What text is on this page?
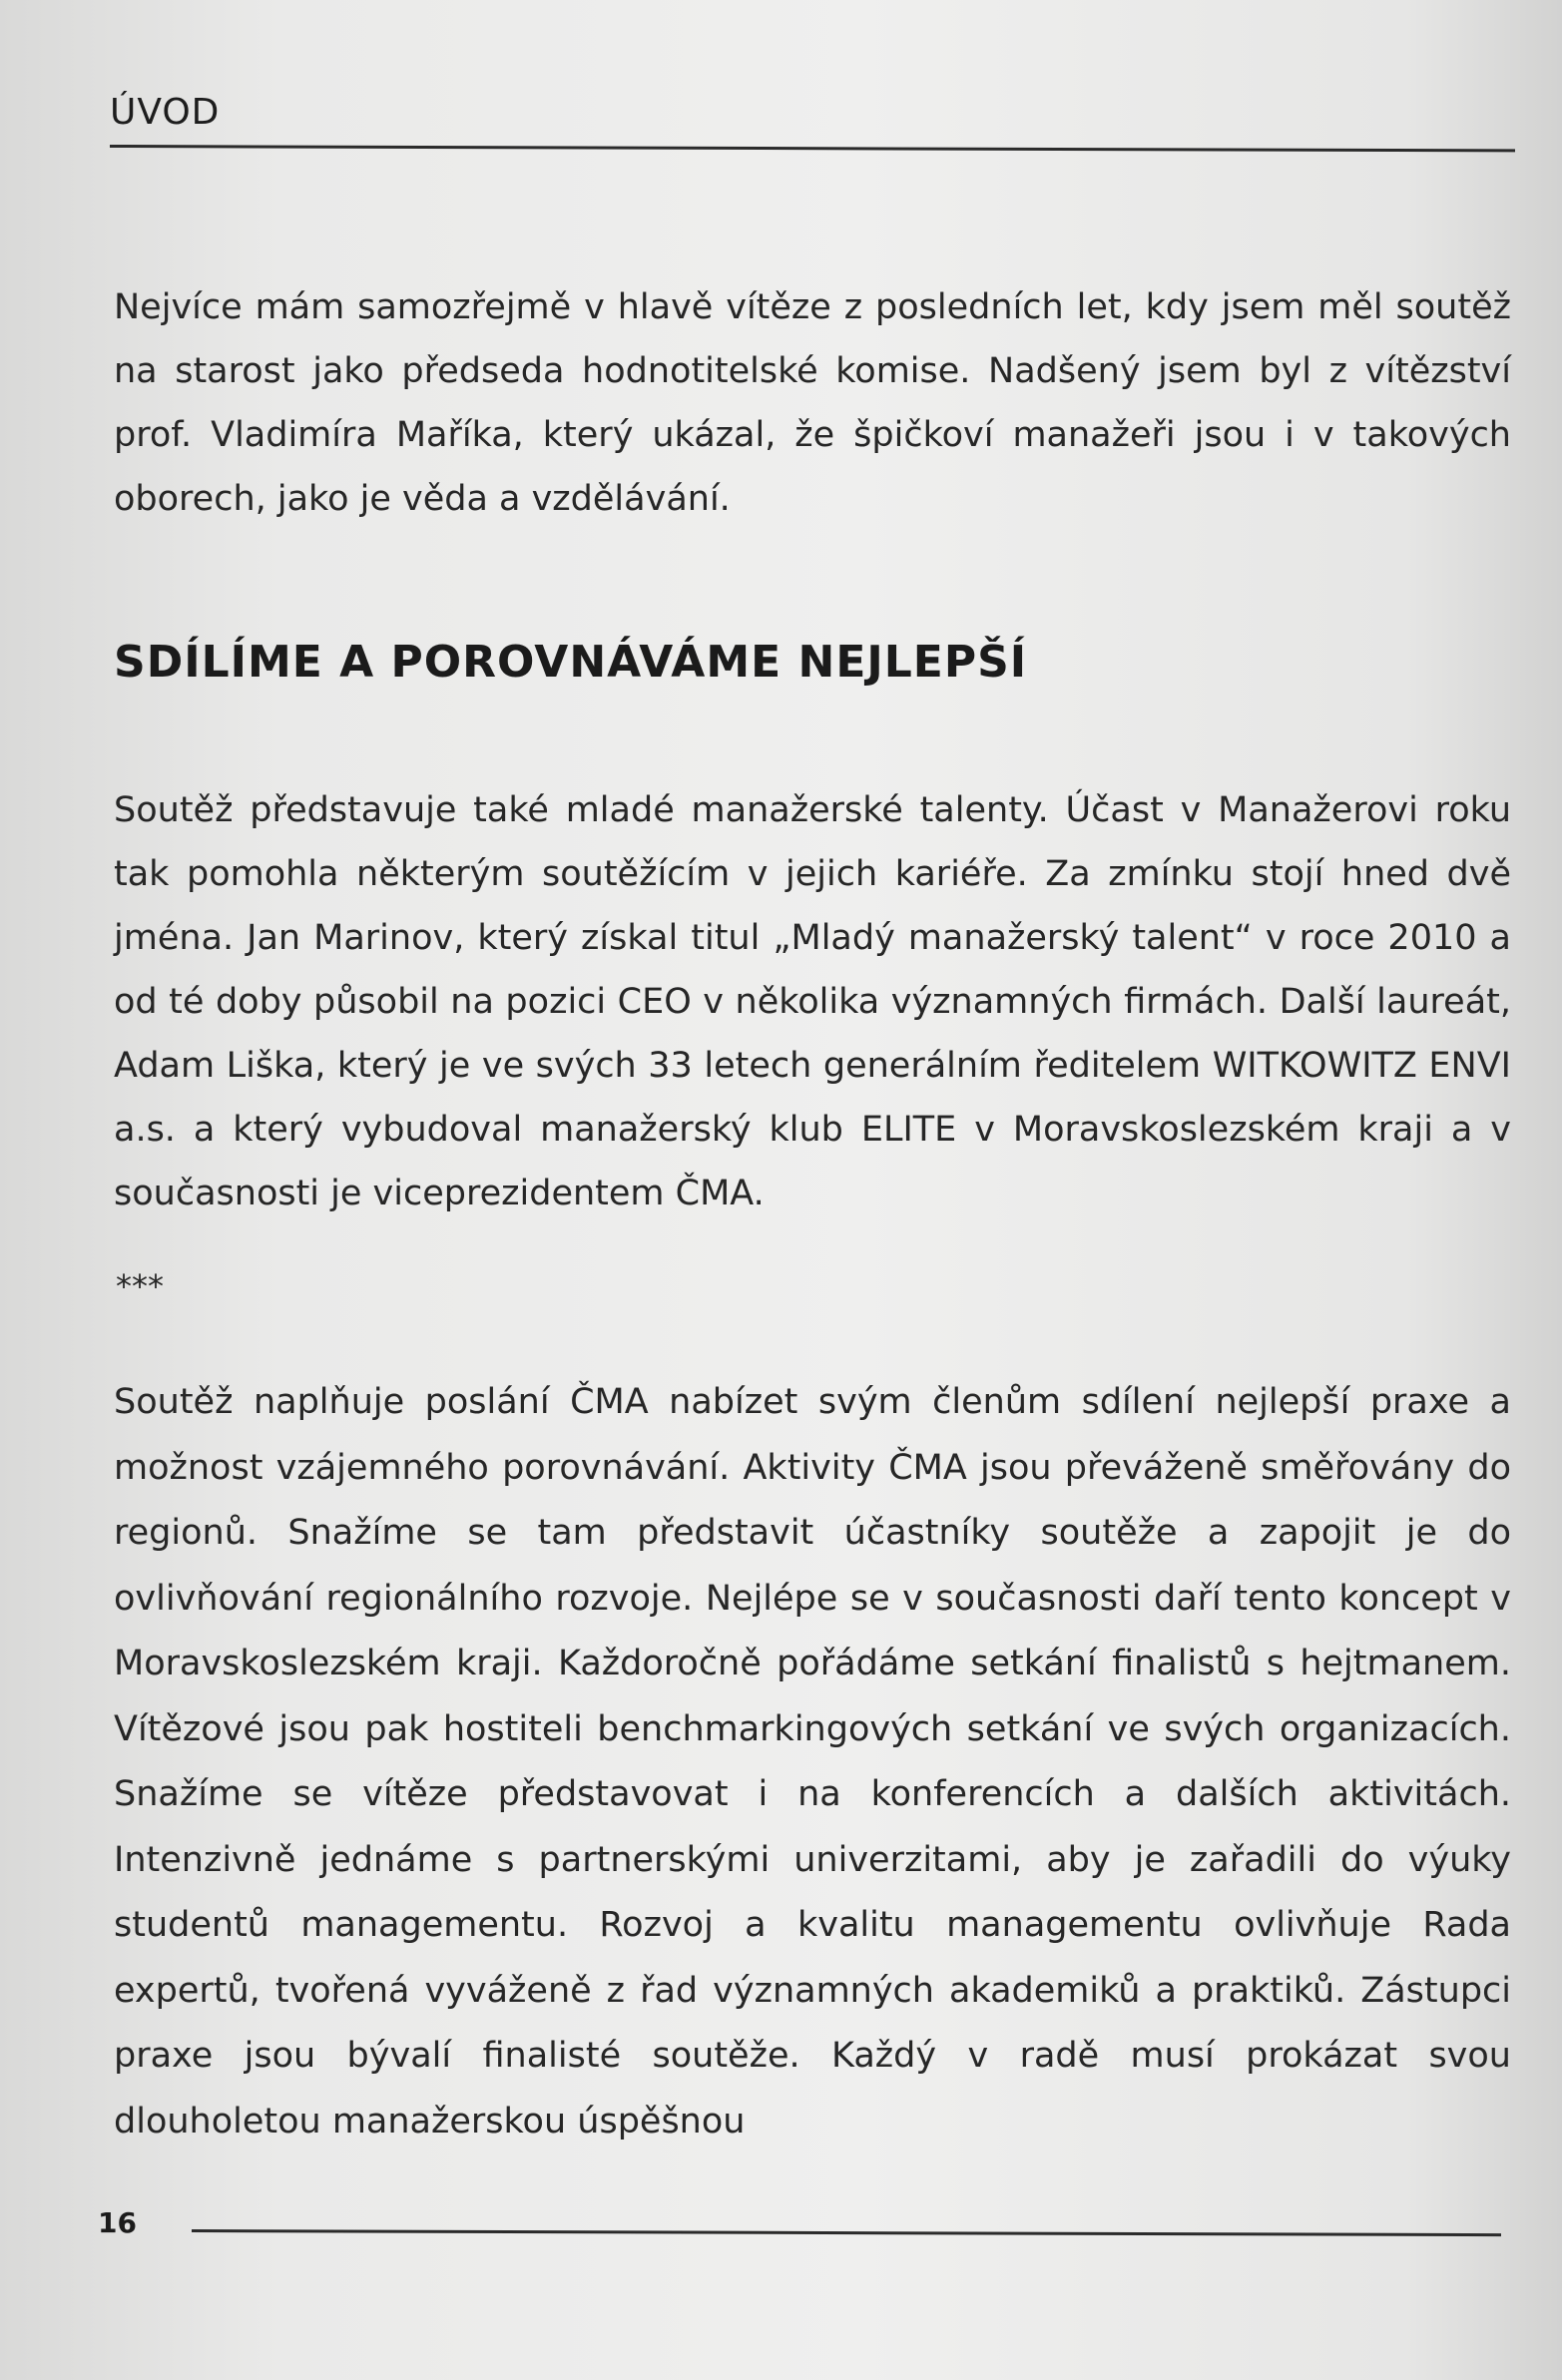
ÚVOD
Nejvíce mám samozřejmě v hlavě vítěze z posledních let, kdy jsem měl soutěž na starost jako předseda hodnotitelské komise. Nadšený jsem byl z vítězství prof. Vladimíra Maříka, který ukázal, že špičkoví manažeři jsou i v takových oborech, jako je věda a vzdělávání.
SDÍLÍME A POROVNÁVÁME NEJLEPŠÍ
Soutěž představuje také mladé manažerské talenty. Účast v Manažerovi roku tak pomohla některým soutěžícím v jejich kariéře. Za zmínku stojí hned dvě jména. Jan Marinov, který získal titul „Mladý manažerský talent“ v roce 2010 a od té doby působil na pozici CEO v několika významných firmách. Další laureát, Adam Liška, který je ve svých 33 letech generálním ředitelem WITKOWITZ ENVI a.s. a který vybudoval manažerský klub ELITE v Moravskoslezském kraji a v současnosti je viceprezidentem ČMA.
***
Soutěž naplňuje poslání ČMA nabízet svým členům sdílení nejlepší praxe a možnost vzájemného porovnávání. Aktivity ČMA jsou převáženě směřovány do regionů. Snažíme se tam představit účastníky soutěže a zapojit je do ovlivňování regionálního rozvoje. Nejlépe se v současnosti daří tento koncept v Moravskoslezském kraji. Každoročně pořádáme setkání finalistů s hejtmanem. Vítězové jsou pak hostiteli benchmarkingových setkání ve svých organizacích. Snažíme se vítěze představovat i na konferencích a dalších aktivitách. Intenzivně jednáme s partnerskými univerzitami, aby je zařadili do výuky studentů managementu. Rozvoj a kvalitu managementu ovlivňuje Rada expertů, tvořená vyváženě z řad významných akademiků a praktiků. Zástupci praxe jsou bývalí finalisté soutěže. Každý v radě musí prokázat svou dlouholetou manažerskou úspěšnou
16
